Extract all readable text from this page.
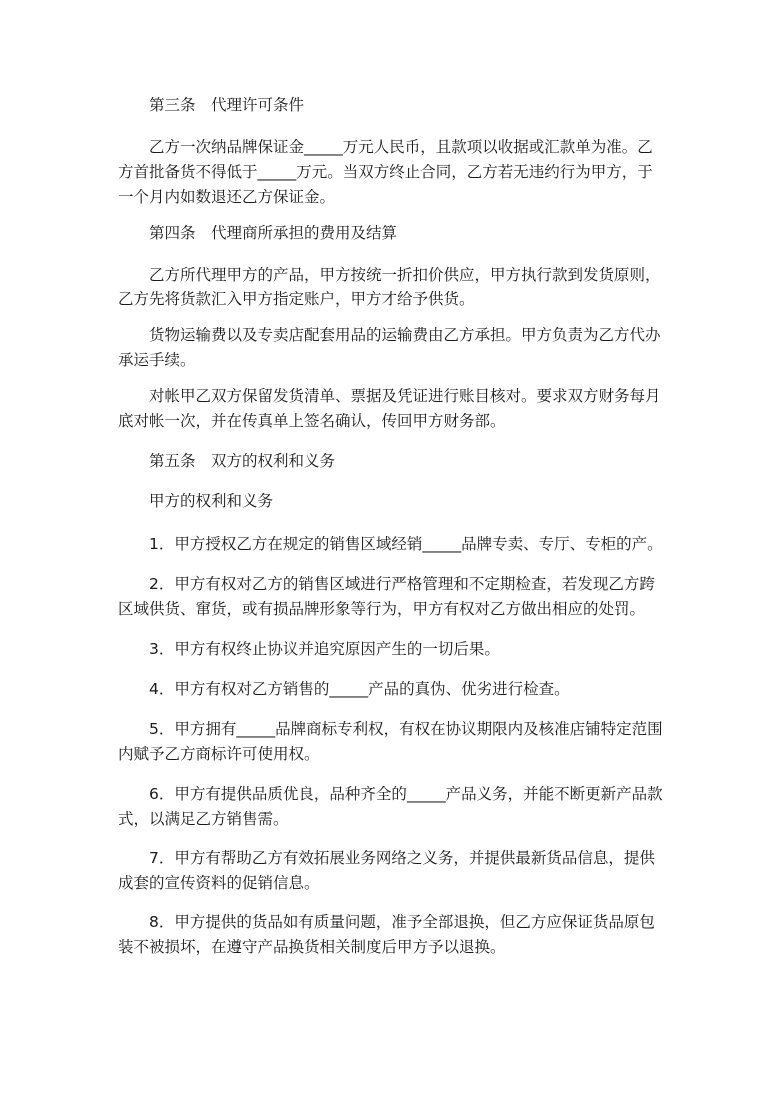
第三条　代理许可条件
乙方一次纳品牌保证金_____万元人民币，且款项以收据或汇款单为准。乙
方首批备货不得低于_____万元。当双方终止合同，乙方若无违约行为甲方，于
一个月内如数退还乙方保证金。
第四条　代理商所承担的费用及结算
乙方所代理甲方的产品，甲方按统一折扣价供应，甲方执行款到发货原则，
乙方先将货款汇入甲方指定账户，甲方才给予供货。
货物运输费以及专卖店配套用品的运输费由乙方承担。甲方负责为乙方代办
承运手续。
对帐甲乙双方保留发货清单、票据及凭证进行账目核对。要求双方财务每月
底对帐一次，并在传真单上签名确认，传回甲方财务部。
第五条　双方的权利和义务
甲方的权利和义务
1．甲方授权乙方在规定的销售区域经销_____品牌专卖、专厅、专柜的产。
2．甲方有权对乙方的销售区域进行严格管理和不定期检查，若发现乙方跨
区域供货、窜货，或有损品牌形象等行为，甲方有权对乙方做出相应的处罚。
3．甲方有权终止协议并追究原因产生的一切后果。
4．甲方有权对乙方销售的_____产品的真伪、优劣进行检查。
5．甲方拥有_____品牌商标专利权，有权在协议期限内及核准店铺特定范围
内赋予乙方商标许可使用权。
6．甲方有提供品质优良，品种齐全的_____产品义务，并能不断更新产品款
式，以满足乙方销售需。
7．甲方有帮助乙方有效拓展业务网络之义务，并提供最新货品信息，提供
成套的宣传资料的促销信息。
8．甲方提供的货品如有质量问题，准予全部退换，但乙方应保证货品原包
装不被损坏，在遵守产品换货相关制度后甲方予以退换。
